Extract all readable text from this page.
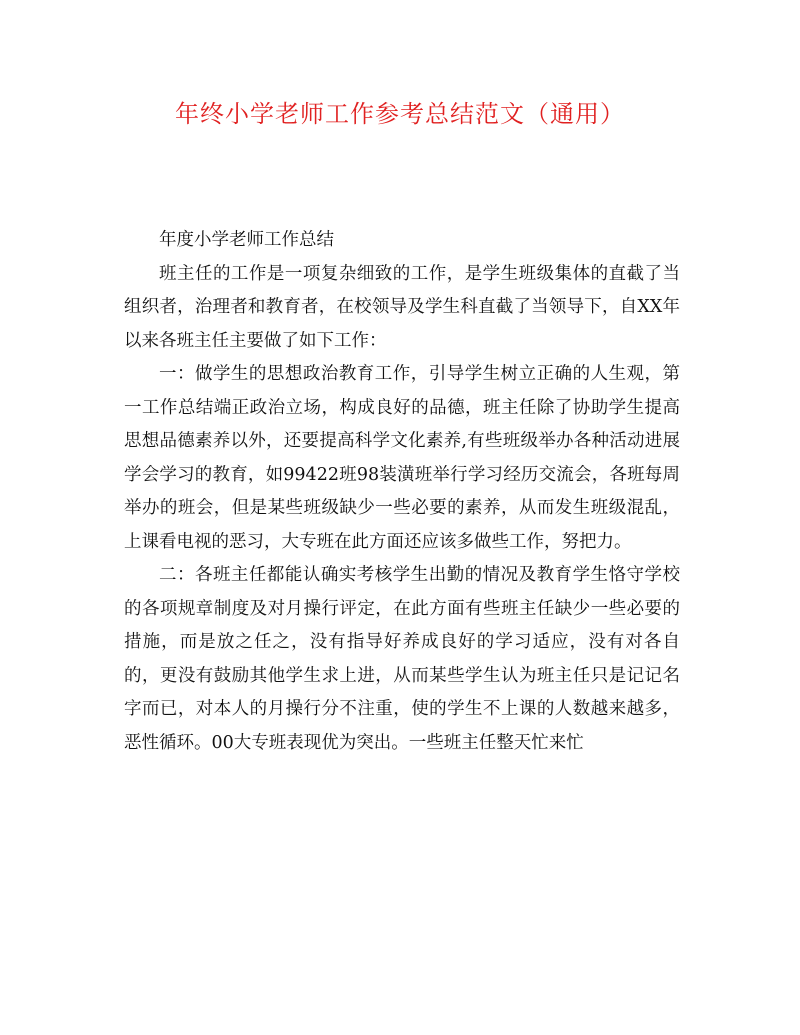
年终小学老师工作参考总结范文（通用）

年度小学老师工作总结

班主任的工作是一项复杂细致的工作，是学生班级集体的直截了当组织者，治理者和教育者，在校领导及学生科直截了当领导下，自XX年以来各班主任主要做了如下工作：

一：做学生的思想政治教育工作，引导学生树立正确的人生观，第一工作总结端正政治立场，构成良好的品德，班主任除了协助学生提高思想品德素养以外，还要提高科学文化素养,有些班级举办各种活动进展学会学习的教育，如99422班98装潢班举行学习经历交流会，各班每周举办的班会，但是某些班级缺少一些必要的素养，从而发生班级混乱，上课看电视的恶习，大专班在此方面还应该多做些工作，努把力。

二：各班主任都能认确实考核学生出勤的情况及教育学生恪守学校的各项规章制度及对月操行评定，在此方面有些班主任缺少一些必要的措施，而是放之任之，没有指导好养成良好的学习适应，没有对各自的，更没有鼓励其他学生求上进，从而某些学生认为班主任只是记记名字而已，对本人的月操行分不注重，使的学生不上课的人数越来越多，恶性循环。00大专班表现优为突出。一些班主任整天忙来忙
